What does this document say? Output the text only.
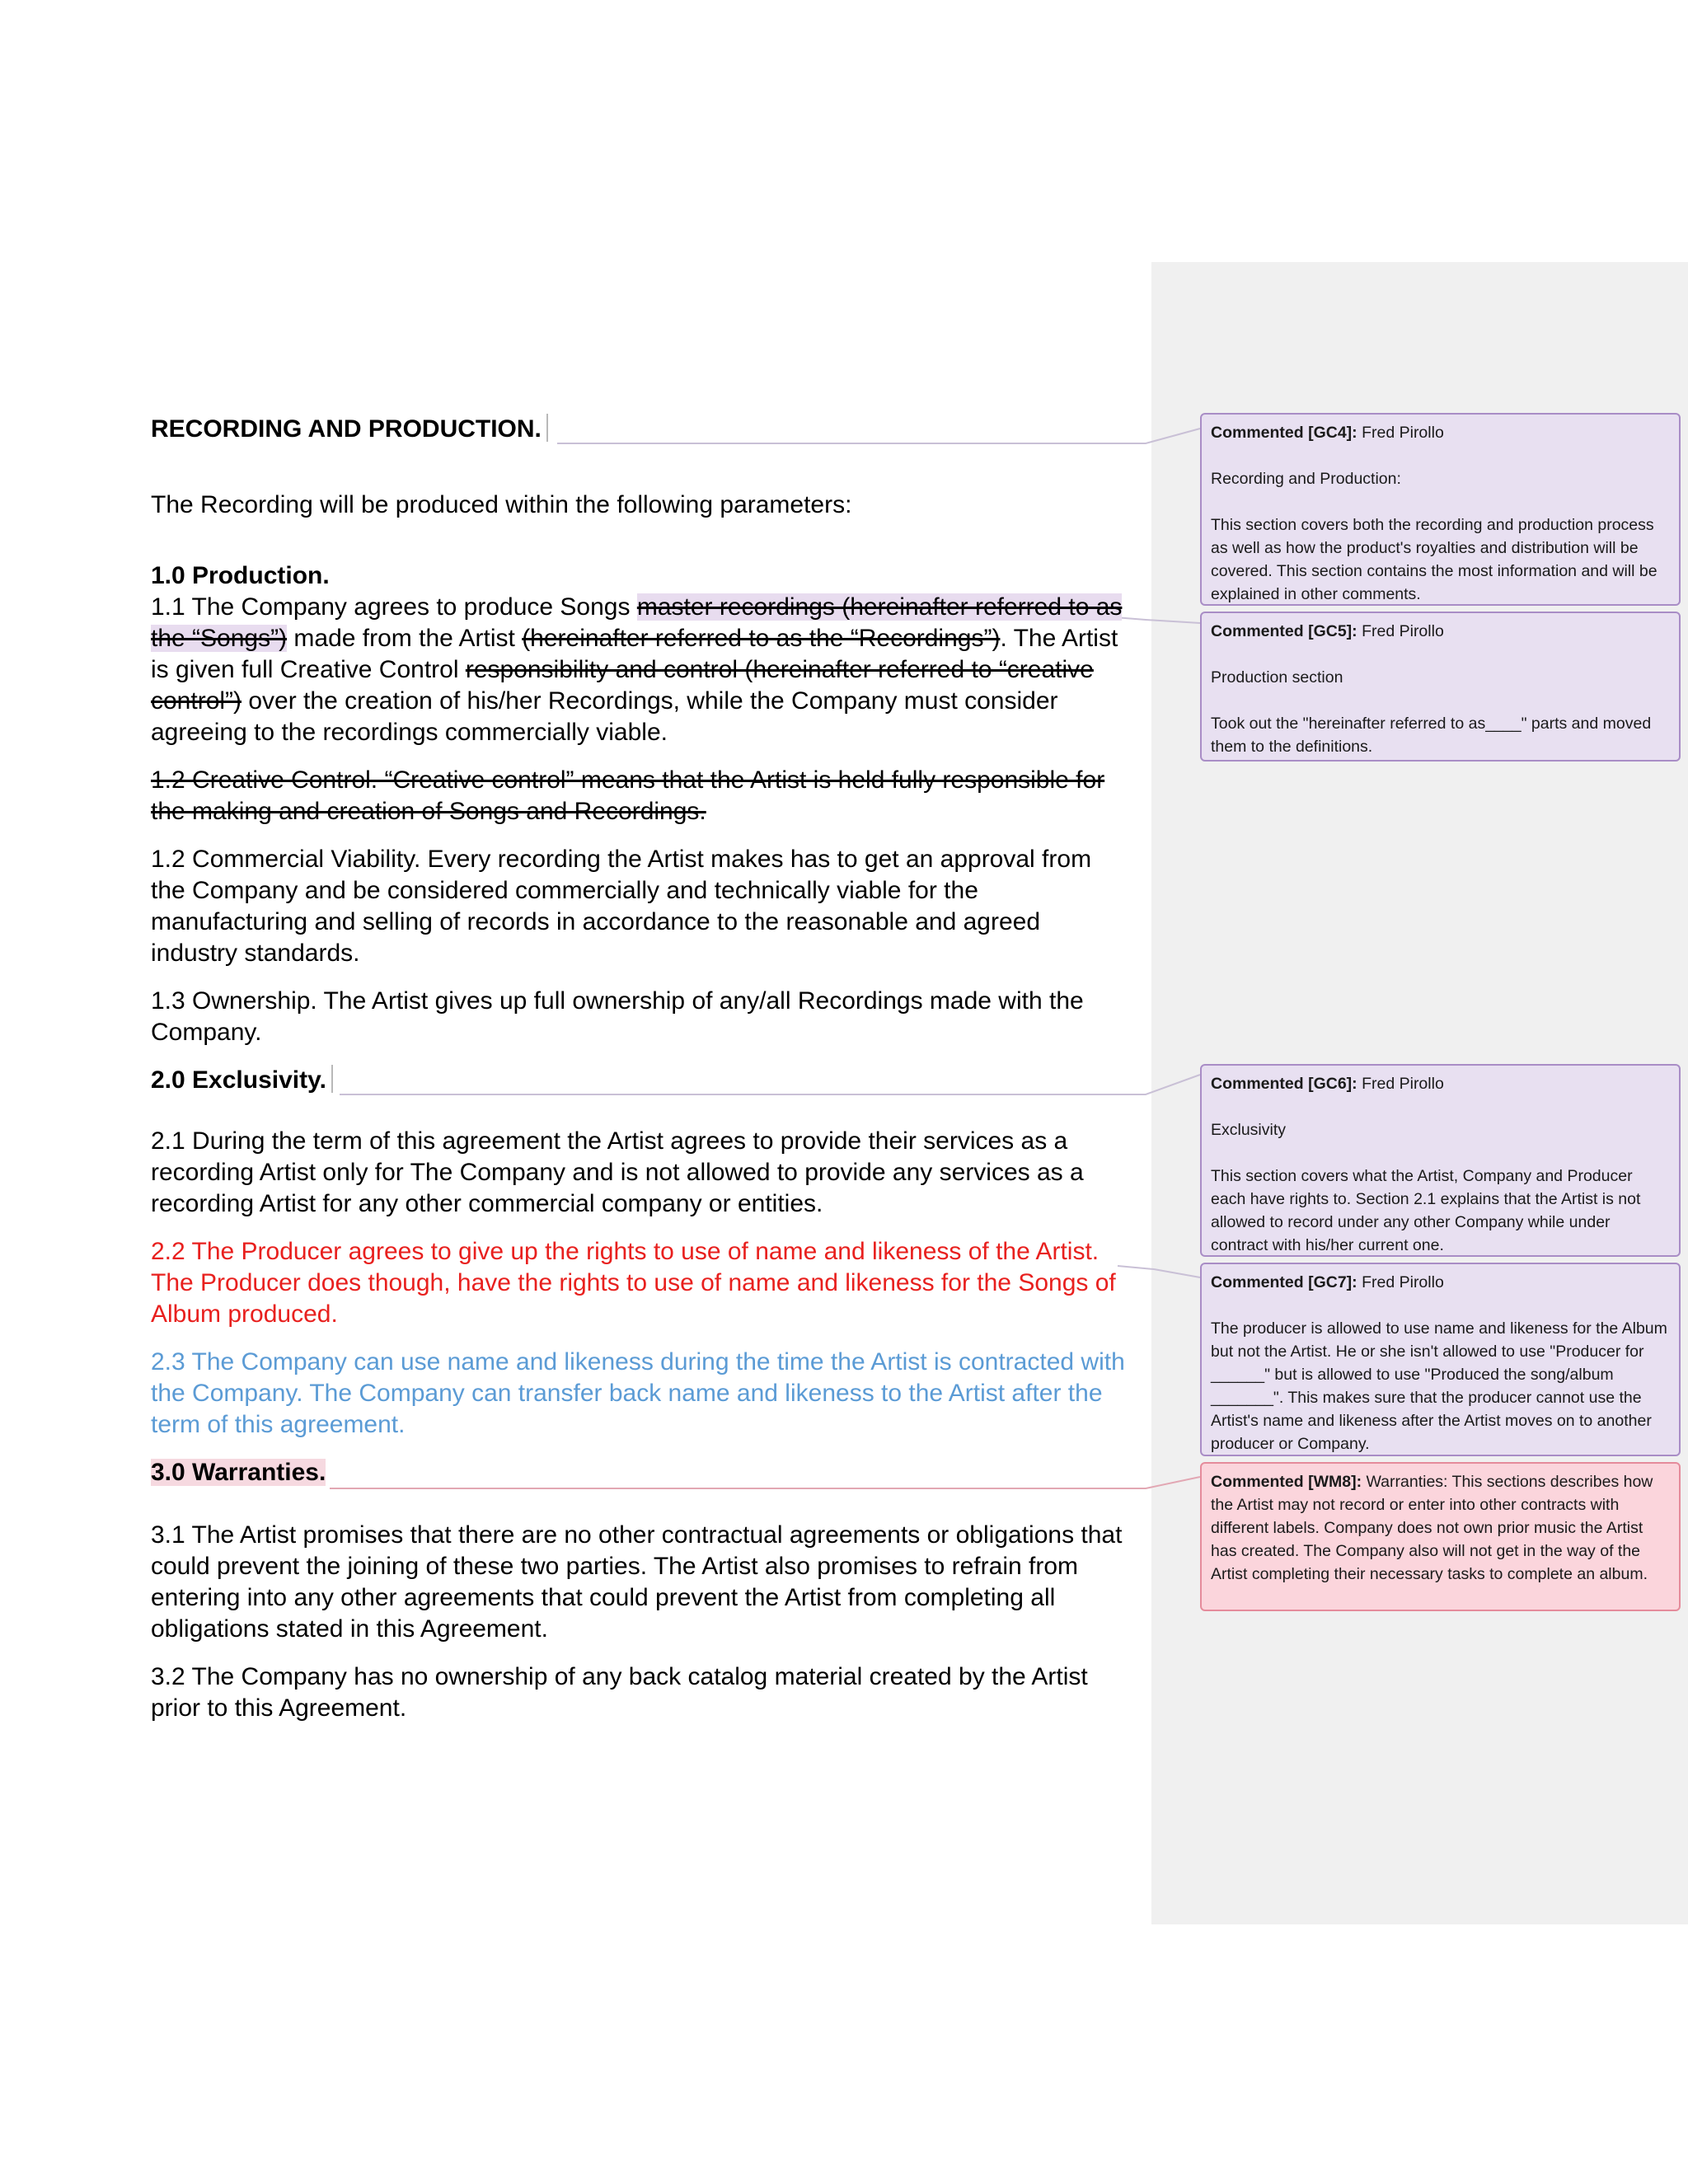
RECORDING AND PRODUCTION.

The Recording will be produced within the following parameters:

1.0 Production.

1.1 The Company agrees to produce Songs master recordings (hereinafter referred to as the “Songs”) made from the Artist (hereinafter referred to as the “Recordings”). The Artist is given full Creative Control responsibility and control (hereinafter referred to “creative control”) over the creation of his/her Recordings, while the Company must consider agreeing to the recordings commercially viable.

1.2 Creative Control. “Creative control” means that the Artist is held fully responsible for the making and creation of Songs and Recordings.

1.2 Commercial Viability. Every recording the Artist makes has to get an approval from the Company and be considered commercially and technically viable for the manufacturing and selling of records in accordance to the reasonable and agreed industry standards.

1.3 Ownership. The Artist gives up full ownership of any/all Recordings made with the Company.

2.0 Exclusivity.

2.1 During the term of this agreement the Artist agrees to provide their services as a recording Artist only for The Company and is not allowed to provide any services as a recording Artist for any other commercial company or entities.

2.2 The Producer agrees to give up the rights to use of name and likeness of the Artist. The Producer does though, have the rights to use of name and likeness for the Songs of Album produced.

2.3 The Company can use name and likeness during the time the Artist is contracted with the Company. The Company can transfer back name and likeness to the Artist after the term of this agreement.

3.0 Warranties.

3.1 The Artist promises that there are no other contractual agreements or obligations that could prevent the joining of these two parties. The Artist also promises to refrain from entering into any other agreements that could prevent the Artist from completing all obligations stated in this Agreement.

3.2 The Company has no ownership of any back catalog material created by the Artist prior to this Agreement.

Commented [GC4]: Fred Pirollo
Recording and Production:
This section covers both the recording and production process as well as how the product's royalties and distribution will be covered. This section contains the most information and will be explained in other comments.
Commented [GC5]: Fred Pirollo
Production section
Took out the "hereinafter referred to as____" parts and moved them to the definitions.
Commented [GC6]: Fred Pirollo
Exclusivity
This section covers what the Artist, Company and Producer each have rights to. Section 2.1 explains that the Artist is not allowed to record under any other Company while under contract with his/her current one.
Commented [GC7]: Fred Pirollo
The producer is allowed to use name and likeness for the Album but not the Artist. He or she isn't allowed to use "Producer for ______" but is allowed to use "Produced the song/album _______". This makes sure that the producer cannot use the Artist's name and likeness after the Artist moves on to another producer or Company.
Commented [WM8]: Warranties: This sections describes how the Artist may not record or enter into other contracts with different labels. Company does not own prior music the Artist has created. The Company also will not get in the way of the Artist completing their necessary tasks to complete an album.
